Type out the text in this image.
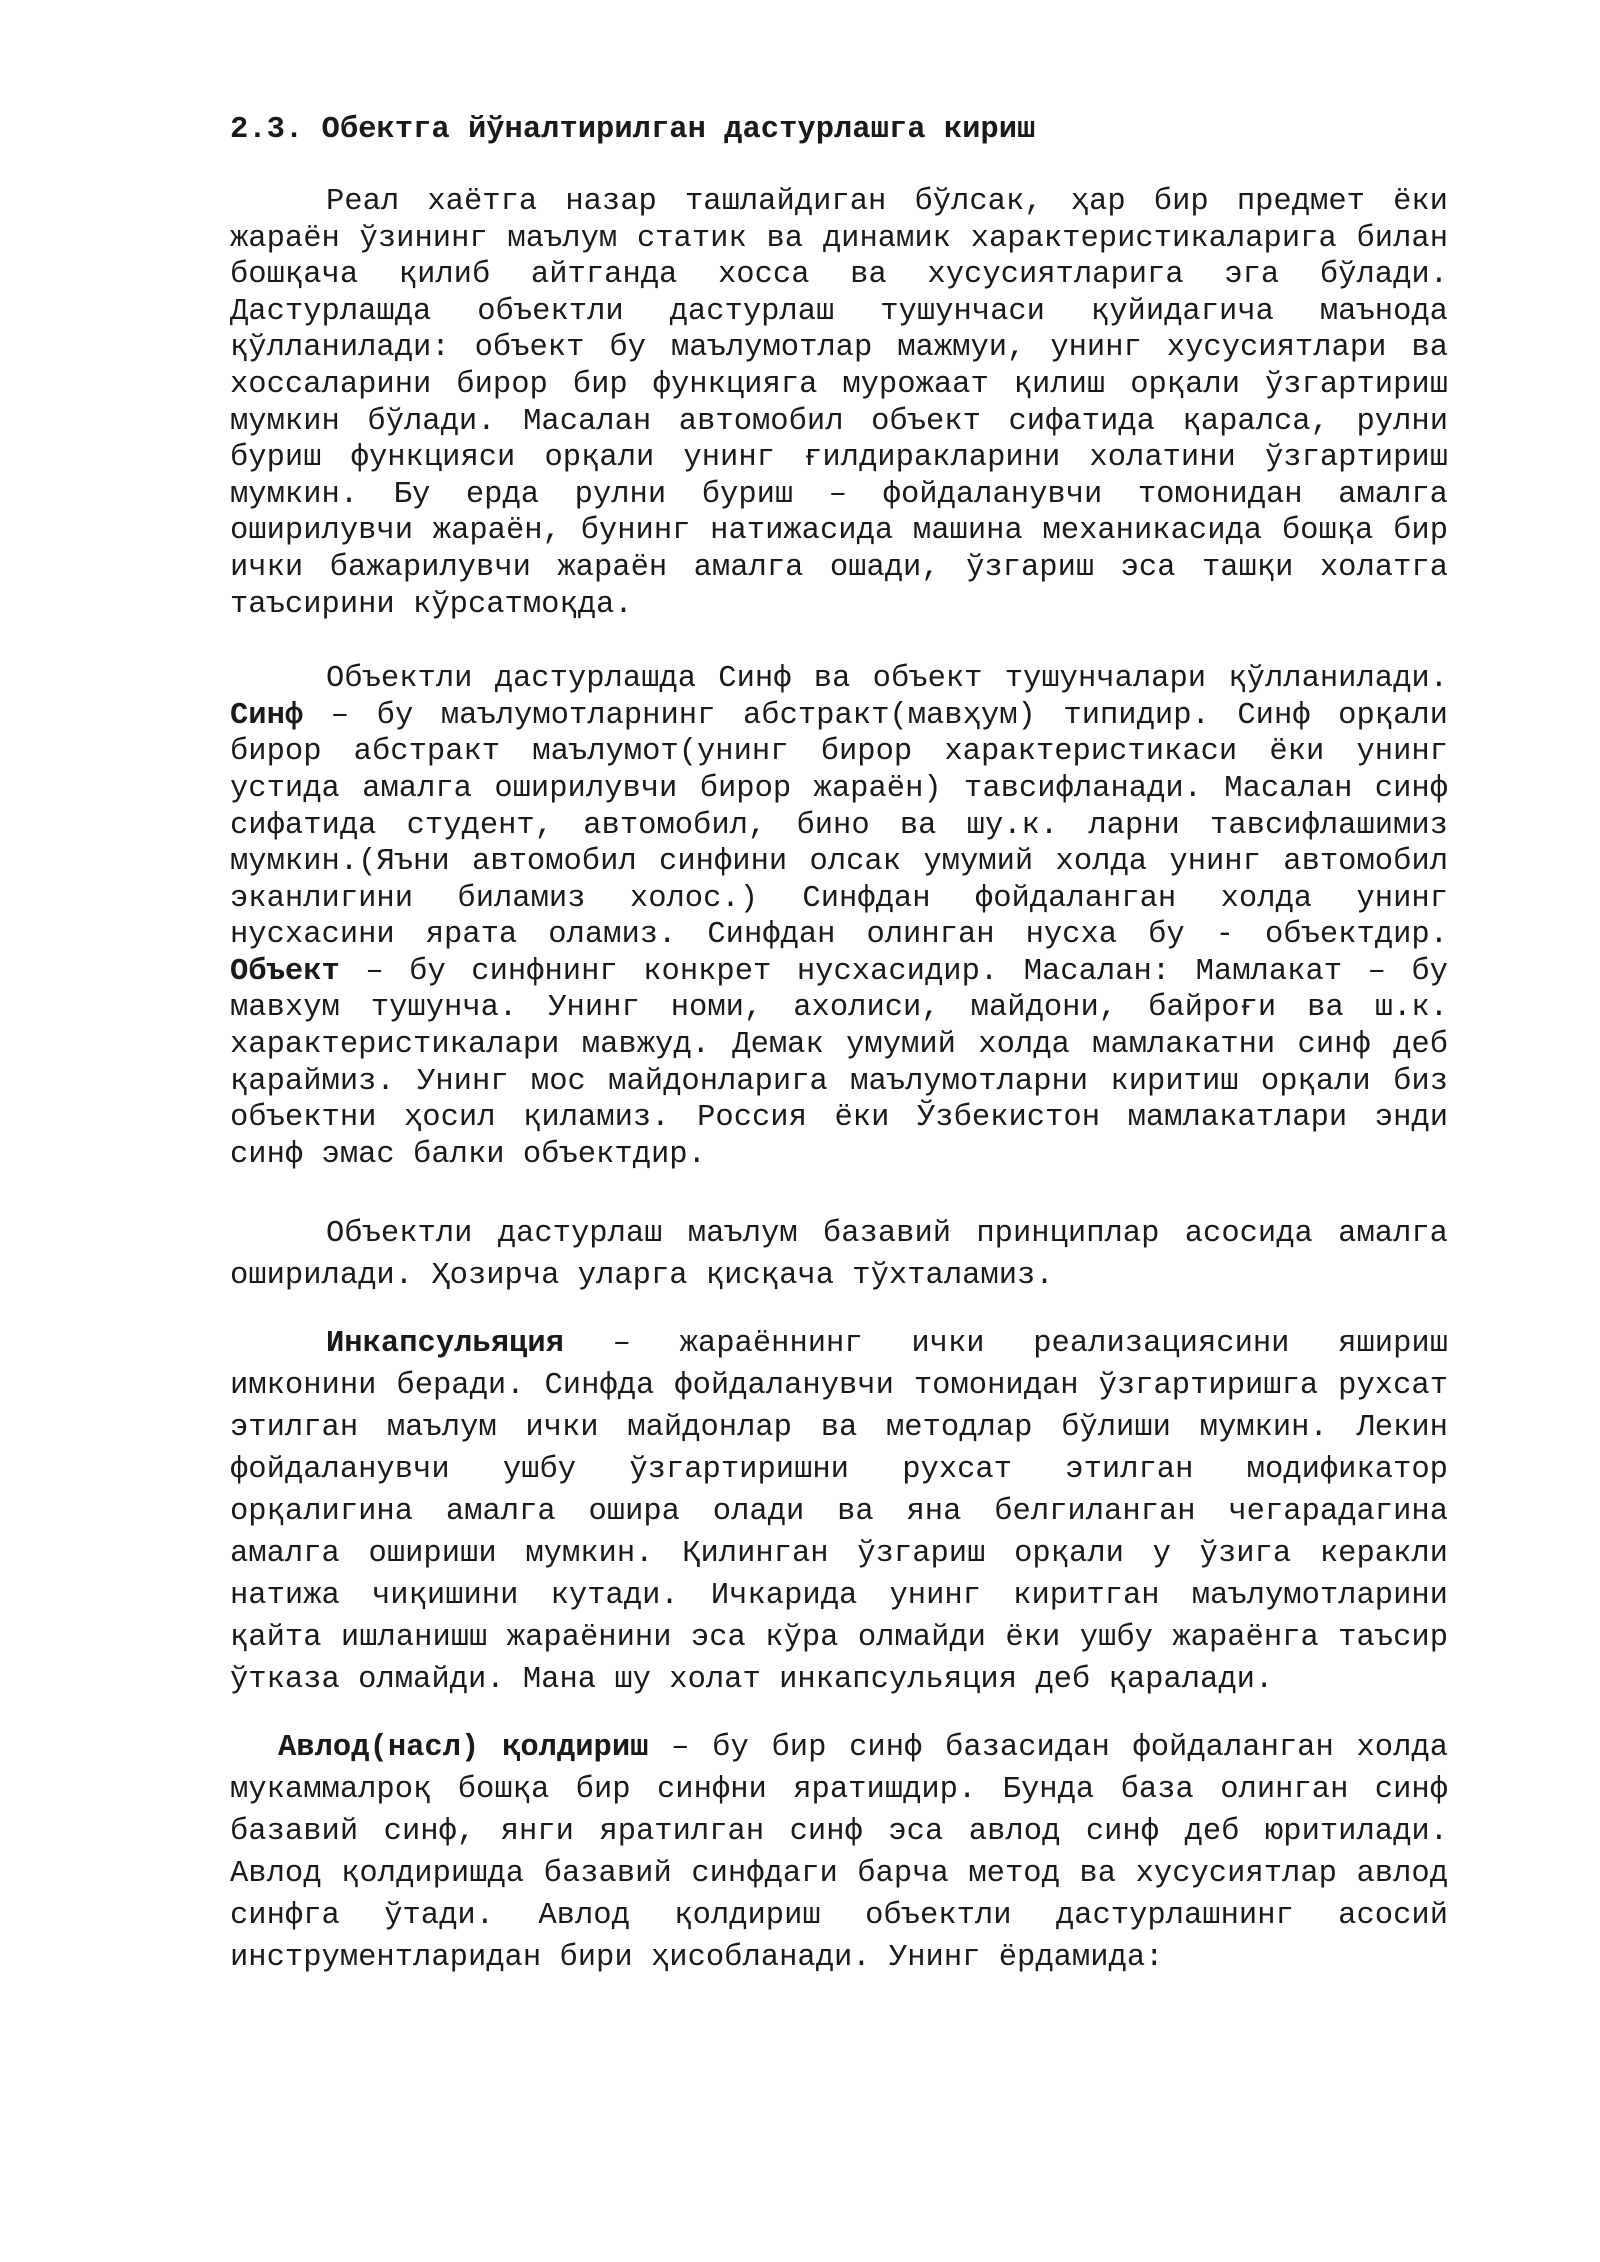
2.3. Обектга йўналтирилган дастурлашга кириш

Реал хаётга назар ташлайдиган бўлсак, ҳар бир предмет ёки жараён ўзининг маълум статик ва динамик характеристикаларига билан бошқача қилиб айтганда хосса ва хусусиятларига эга бўлади. Дастурлашда объектли дастурлаш тушунчаси қуйидагича маънода қўлланилади: объект бу маълумотлар мажмуи, унинг хусусиятлари ва хоссаларини бирор бир функцияга мурожаат қилиш орқали ўзгартириш мумкин бўлади. Масалан автомобил объект сифатида қаралса, рулни буриш функцияси орқали унинг ғилдиракларини холатини ўзгартириш мумкин. Бу ерда рулни буриш – фойдаланувчи томонидан амалга оширилувчи жараён, бунинг натижасида машина механикасида бошқа бир ички бажарилувчи жараён амалга ошади, ўзгариш эса ташқи холатга таъсирини кўрсатмоқда.

Объектли дастурлашда Синф ва объект тушунчалари қўлланилади. Синф – бу маълумотларнинг абстракт(мавҳум) типидир. Синф орқали бирор абстракт маълумот(унинг бирор характеристикаси ёки унинг устида амалга оширилувчи бирор жараён) тавсифланади. Масалан синф сифатида студент, автомобил, бино ва шу.к. ларни тавсифлашимиз мумкин.(Яъни автомобил синфини олсак умумий холда унинг автомобил эканлигини биламиз холос.) Синфдан фойдаланган холда унинг нусхасини ярата оламиз. Синфдан олинган нусха бу - объектдир. Объект – бу синфнинг конкрет нусхасидир. Масалан: Мамлакат – бу мавхум тушунча. Унинг номи, ахолиси, майдони, байроғи ва ш.к. характеристикалари мавжуд. Демак умумий холда мамлакатни синф деб қараймиз. Унинг мос майдонларига маълумотларни киритиш орқали биз объектни ҳосил қиламиз. Россия ёки Ўзбекистон мамлакатлари энди синф эмас балки объектдир.

Объектли дастурлаш маълум базавий принциплар асосида амалга оширилади. Ҳозирча уларга қисқача тўхталамиз.

Инкапсульяция – жараённинг ички реализациясини яшириш имконини беради. Синфда фойдаланувчи томонидан ўзгартиришга рухсат этилган маълум ички майдонлар ва методлар бўлиши мумкин. Лекин фойдаланувчи ушбу ўзгартиришни рухсат этилган модификатор орқалигина амалга ошира олади ва яна белгиланган чегарадагина амалга ошириши мумкин. Қилинган ўзгариш орқали у ўзига керакли натижа чиқишини кутади. Ичкарида унинг киритган маълумотларини қайта ишланишш жараёнини эса кўра олмайди ёки ушбу жараёнга таъсир ўтказа олмайди. Мана шу холат инкапсульяция деб қаралади.

Авлод(насл) қолдириш – бу бир синф базасидан фойдаланган холда мукаммалроқ бошқа бир синфни яратишдир. Бунда база олинган синф базавий синф, янги яратилган синф эса авлод синф деб юритилади. Авлод қолдиришда базавий синфдаги барча метод ва хусусиятлар авлод синфга ўтади. Авлод қолдириш объектли дастурлашнинг асосий инструментларидан бири ҳисобланади. Унинг ёрдамида:
